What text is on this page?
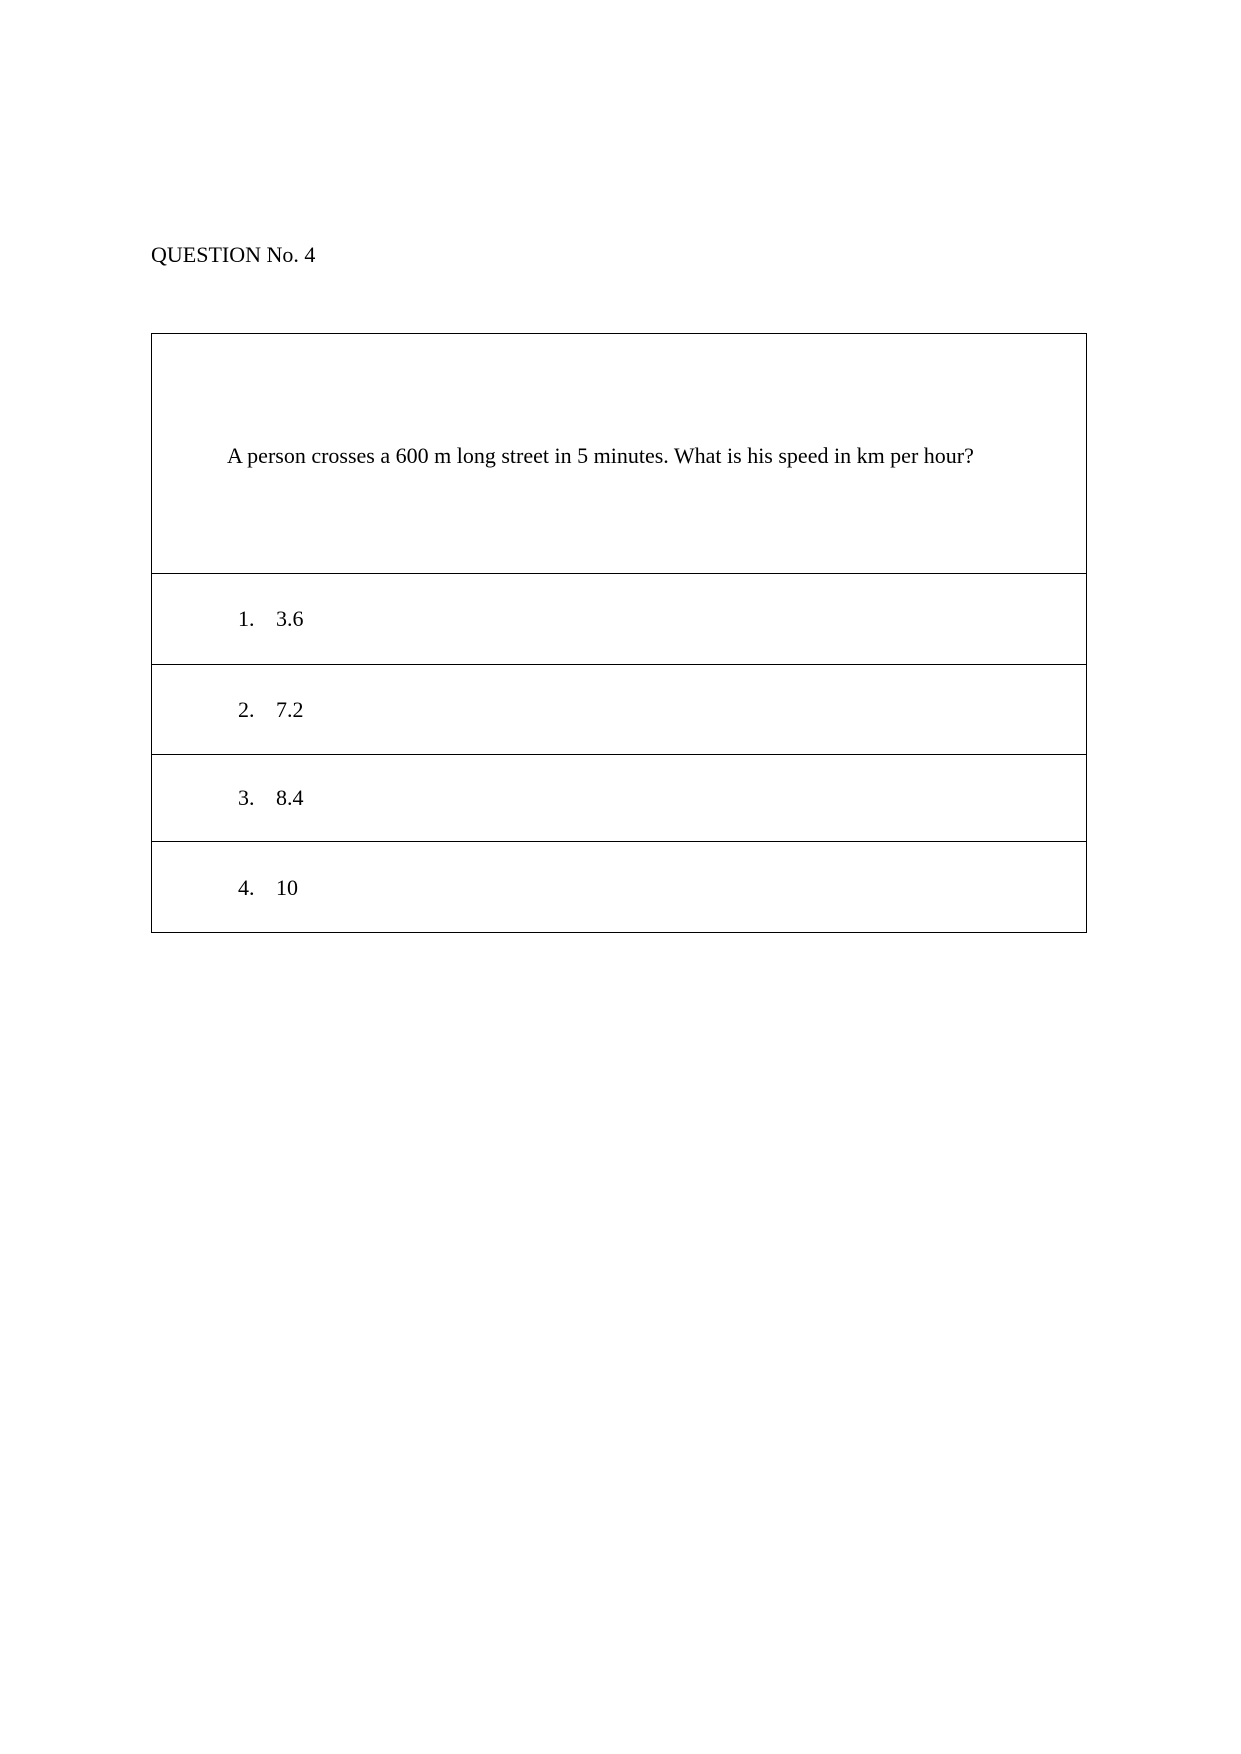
QUESTION No. 4
A person crosses a 600 m long street in 5 minutes. What is his speed in km per hour?
1. 3.6
2. 7.2
3. 8.4
4. 10
